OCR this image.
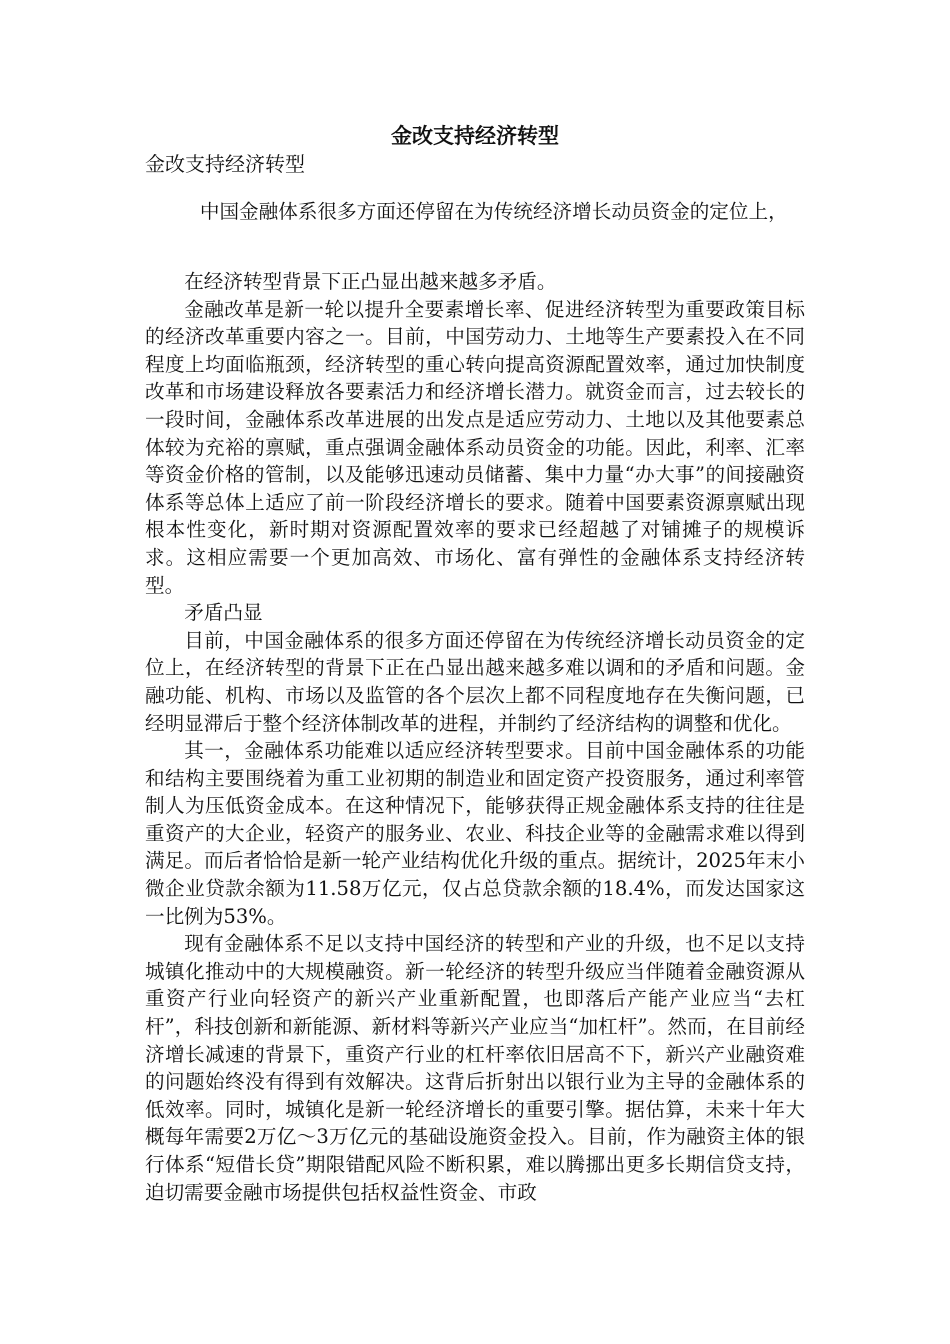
金改支持经济转型
金改支持经济转型

中国金融体系很多方面还停留在为传统经济增长动员资金的定位上，

在经济转型背景下正凸显出越来越多矛盾。

金融改革是新一轮以提升全要素增长率、促进经济转型为重要政策目标的经济改革重要内容之一。目前，中国劳动力、土地等生产要素投入在不同程度上均面临瓶颈，经济转型的重心转向提高资源配置效率，通过加快制度改革和市场建设释放各要素活力和经济增长潜力。就资金而言，过去较长的一段时间，金融体系改革进展的出发点是适应劳动力、土地以及其他要素总体较为充裕的禀赋，重点强调金融体系动员资金的功能。因此，利率、汇率等资金价格的管制，以及能够迅速动员储蓄、集中力量“办大事”的间接融资体系等总体上适应了前一阶段经济增长的要求。随着中国要素资源禀赋出现根本性变化，新时期对资源配置效率的要求已经超越了对铺摊子的规模诉求。这相应需要一个更加高效、市场化、富有弹性的金融体系支持经济转型。

矛盾凸显

目前，中国金融体系的很多方面还停留在为传统经济增长动员资金的定位上，在经济转型的背景下正在凸显出越来越多难以调和的矛盾和问题。金融功能、机构、市场以及监管的各个层次上都不同程度地存在失衡问题，已经明显滞后于整个经济体制改革的进程，并制约了经济结构的调整和优化。

其一，金融体系功能难以适应经济转型要求。目前中国金融体系的功能和结构主要围绕着为重工业初期的制造业和固定资产投资服务，通过利率管制人为压低资金成本。在这种情况下，能够获得正规金融体系支持的往往是重资产的大企业，轻资产的服务业、农业、科技企业等的金融需求难以得到满足。而后者恰恰是新一轮产业结构优化升级的重点。据统计，2025年末小微企业贷款余额为11.58万亿元，仅占总贷款余额的18.4%，而发达国家这一比例为53%。

现有金融体系不足以支持中国经济的转型和产业的升级，也不足以支持城镇化推动中的大规模融资。新一轮经济的转型升级应当伴随着金融资源从重资产行业向轻资产的新兴产业重新配置，也即落后产能产业应当“去杠杆”，科技创新和新能源、新材料等新兴产业应当“加杠杆”。然而，在目前经济增长减速的背景下，重资产行业的杠杆率依旧居高不下，新兴产业融资难的问题始终没有得到有效解决。这背后折射出以银行业为主导的金融体系的低效率。同时，城镇化是新一轮经济增长的重要引擎。据估算，未来十年大概每年需要2万亿～3万亿元的基础设施资金投入。目前，作为融资主体的银行体系“短借长贷”期限错配风险不断积累，难以腾挪出更多长期信贷支持，迫切需要金融市场提供包括权益性资金、市政
